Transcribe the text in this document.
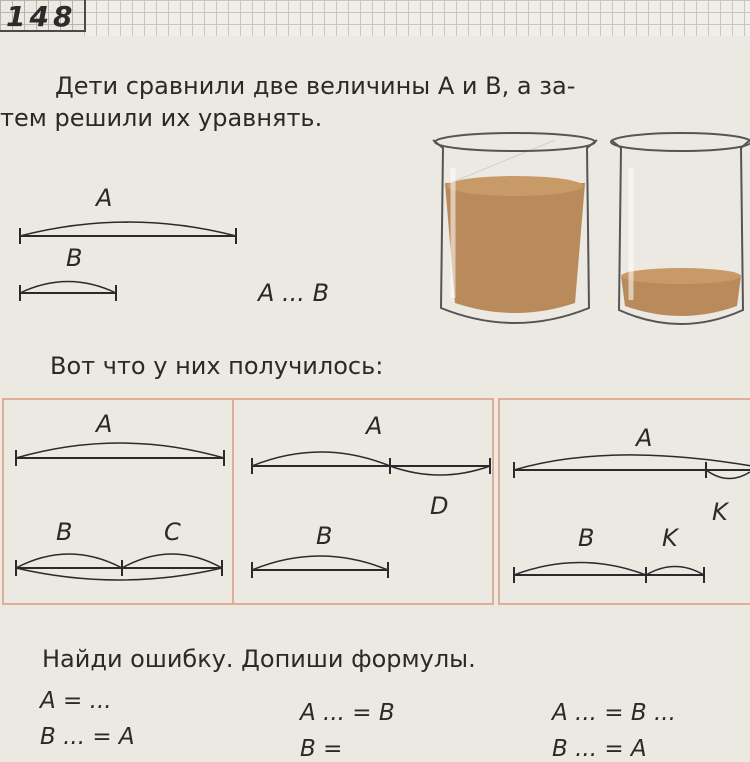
148
Дети сравнили две величины A и B, а за-
тем решили их уравнять.
A
B
A ... B
Вот что у них получилось:
A
B	C
A
D
B
A
K
B	K
Найди ошибку. Допиши формулы.
A = ...
B ... = A
A ... = B
B =
A ... = B ...
B ... = A
